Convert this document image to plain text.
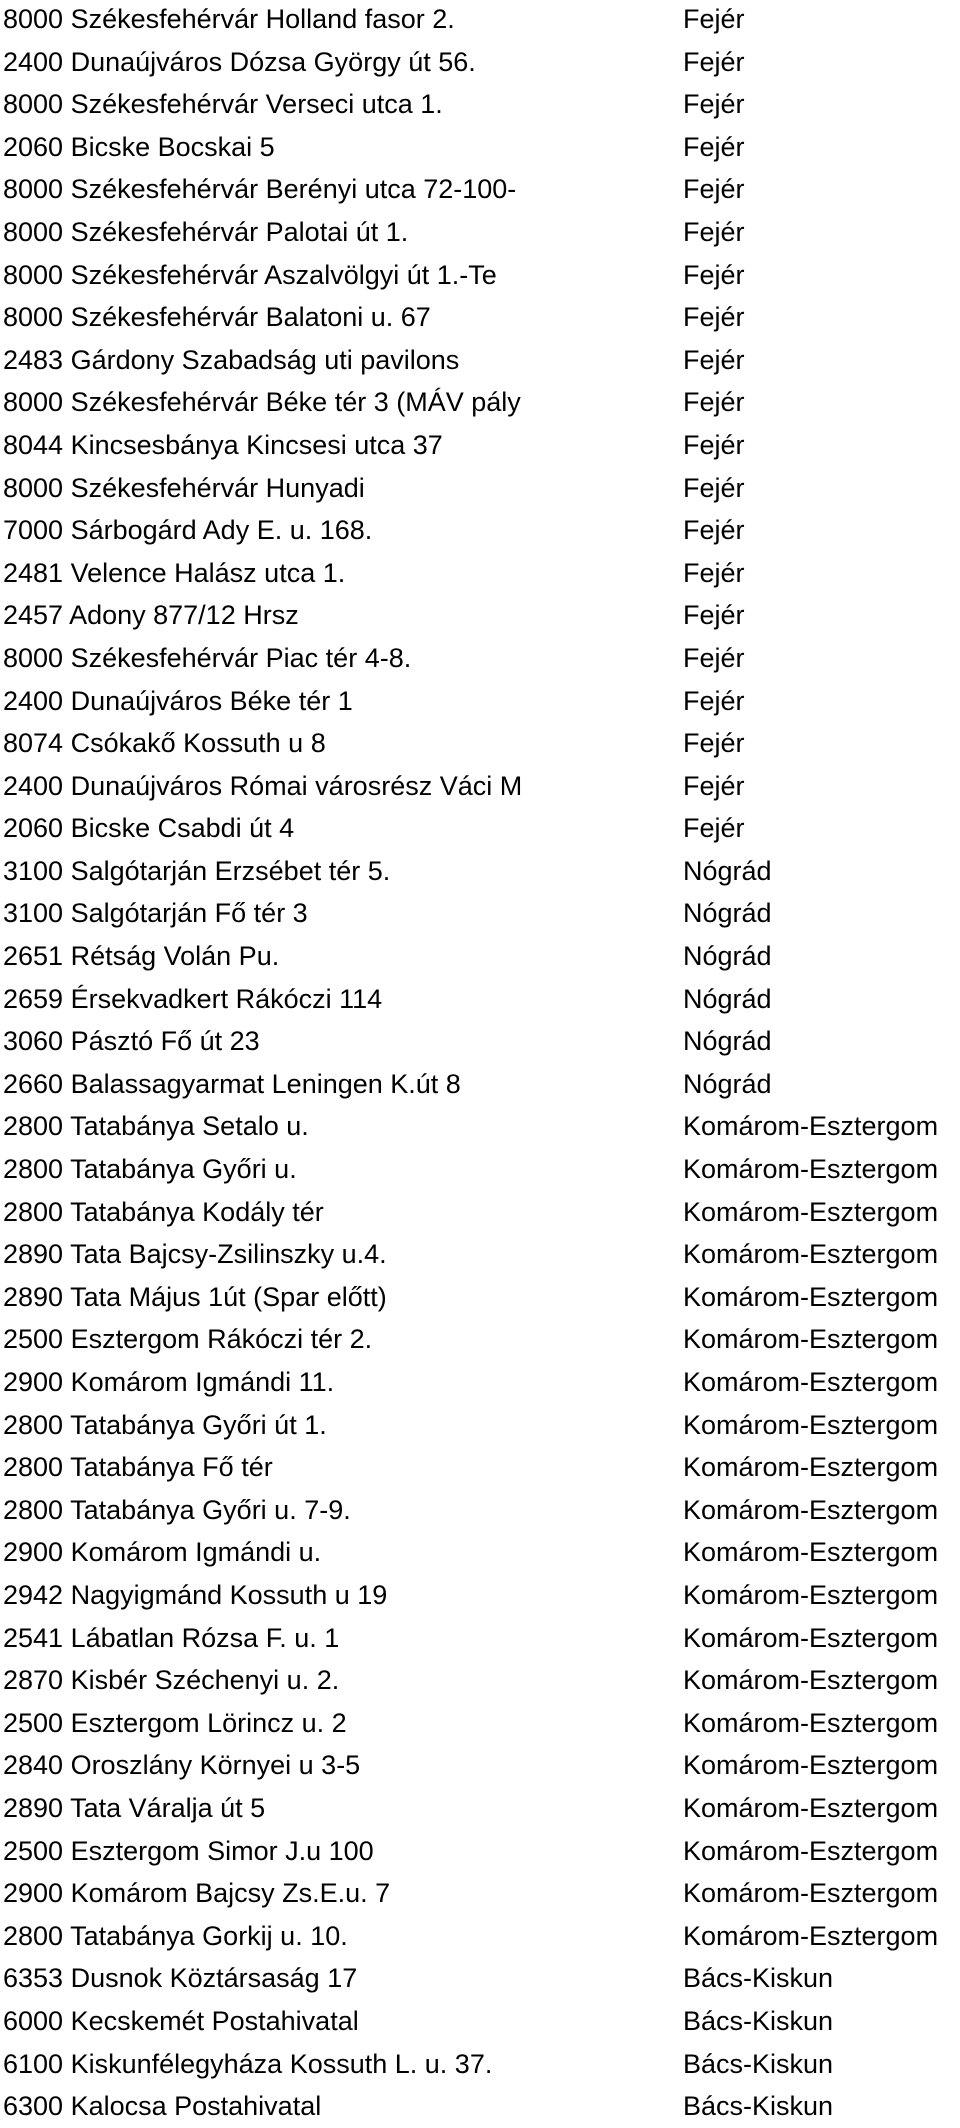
8000 Székesfehérvár Holland fasor 2.	Fejér
2400 Dunaújváros Dózsa György út 56.	Fejér
8000 Székesfehérvár Verseci utca 1.	Fejér
2060 Bicske Bocskai 5	Fejér
8000 Székesfehérvár Berényi utca 72-100-	Fejér
8000 Székesfehérvár Palotai út 1.	Fejér
8000 Székesfehérvár Aszalvölgyi út 1.-Te	Fejér
8000 Székesfehérvár Balatoni u. 67	Fejér
2483 Gárdony Szabadság uti pavilons	Fejér
8000 Székesfehérvár Béke tér 3 (MÁV pály	Fejér
8044 Kincsesbánya Kincsesi utca 37	Fejér
8000 Székesfehérvár Hunyadi	Fejér
7000 Sárbogárd Ady E. u. 168.	Fejér
2481 Velence Halász utca 1.	Fejér
2457 Adony 877/12 Hrsz	Fejér
8000 Székesfehérvár Piac tér 4-8.	Fejér
2400 Dunaújváros Béke tér 1	Fejér
8074 Csókakő Kossuth u 8	Fejér
2400 Dunaújváros Római városrész Váci M	Fejér
2060 Bicske Csabdi út 4	Fejér
3100 Salgótarján Erzsébet tér 5.	Nógrád
3100 Salgótarján Fő tér 3	Nógrád
2651 Rétság Volán Pu.	Nógrád
2659 Érsekvadkert Rákóczi 114	Nógrád
3060 Pásztó Fő út 23	Nógrád
2660 Balassagyarmat Leningen K.út 8	Nógrád
2800 Tatabánya Setalo u.	Komárom-Esztergom
2800 Tatabánya Győri u.	Komárom-Esztergom
2800 Tatabánya Kodály tér	Komárom-Esztergom
2890 Tata Bajcsy-Zsilinszky u.4.	Komárom-Esztergom
2890 Tata Május 1út (Spar előtt)	Komárom-Esztergom
2500 Esztergom Rákóczi tér 2.	Komárom-Esztergom
2900 Komárom Igmándi 11.	Komárom-Esztergom
2800 Tatabánya Győri út 1.	Komárom-Esztergom
2800 Tatabánya Fő tér	Komárom-Esztergom
2800 Tatabánya Győri u. 7-9.	Komárom-Esztergom
2900 Komárom Igmándi u.	Komárom-Esztergom
2942 Nagyigmánd Kossuth u 19	Komárom-Esztergom
2541 Lábatlan Rózsa F. u. 1	Komárom-Esztergom
2870 Kisbér Széchenyi u. 2.	Komárom-Esztergom
2500 Esztergom Lörincz u. 2	Komárom-Esztergom
2840 Oroszlány Környei u 3-5	Komárom-Esztergom
2890 Tata Váralja út 5	Komárom-Esztergom
2500 Esztergom Simor J.u 100	Komárom-Esztergom
2900 Komárom Bajcsy Zs.E.u. 7	Komárom-Esztergom
2800 Tatabánya Gorkij u. 10.	Komárom-Esztergom
6353 Dusnok Köztársaság 17	Bács-Kiskun
6000 Kecskemét Postahivatal	Bács-Kiskun
6100 Kiskunfélegyháza Kossuth L. u. 37.	Bács-Kiskun
6300 Kalocsa Postahivatal	Bács-Kiskun
